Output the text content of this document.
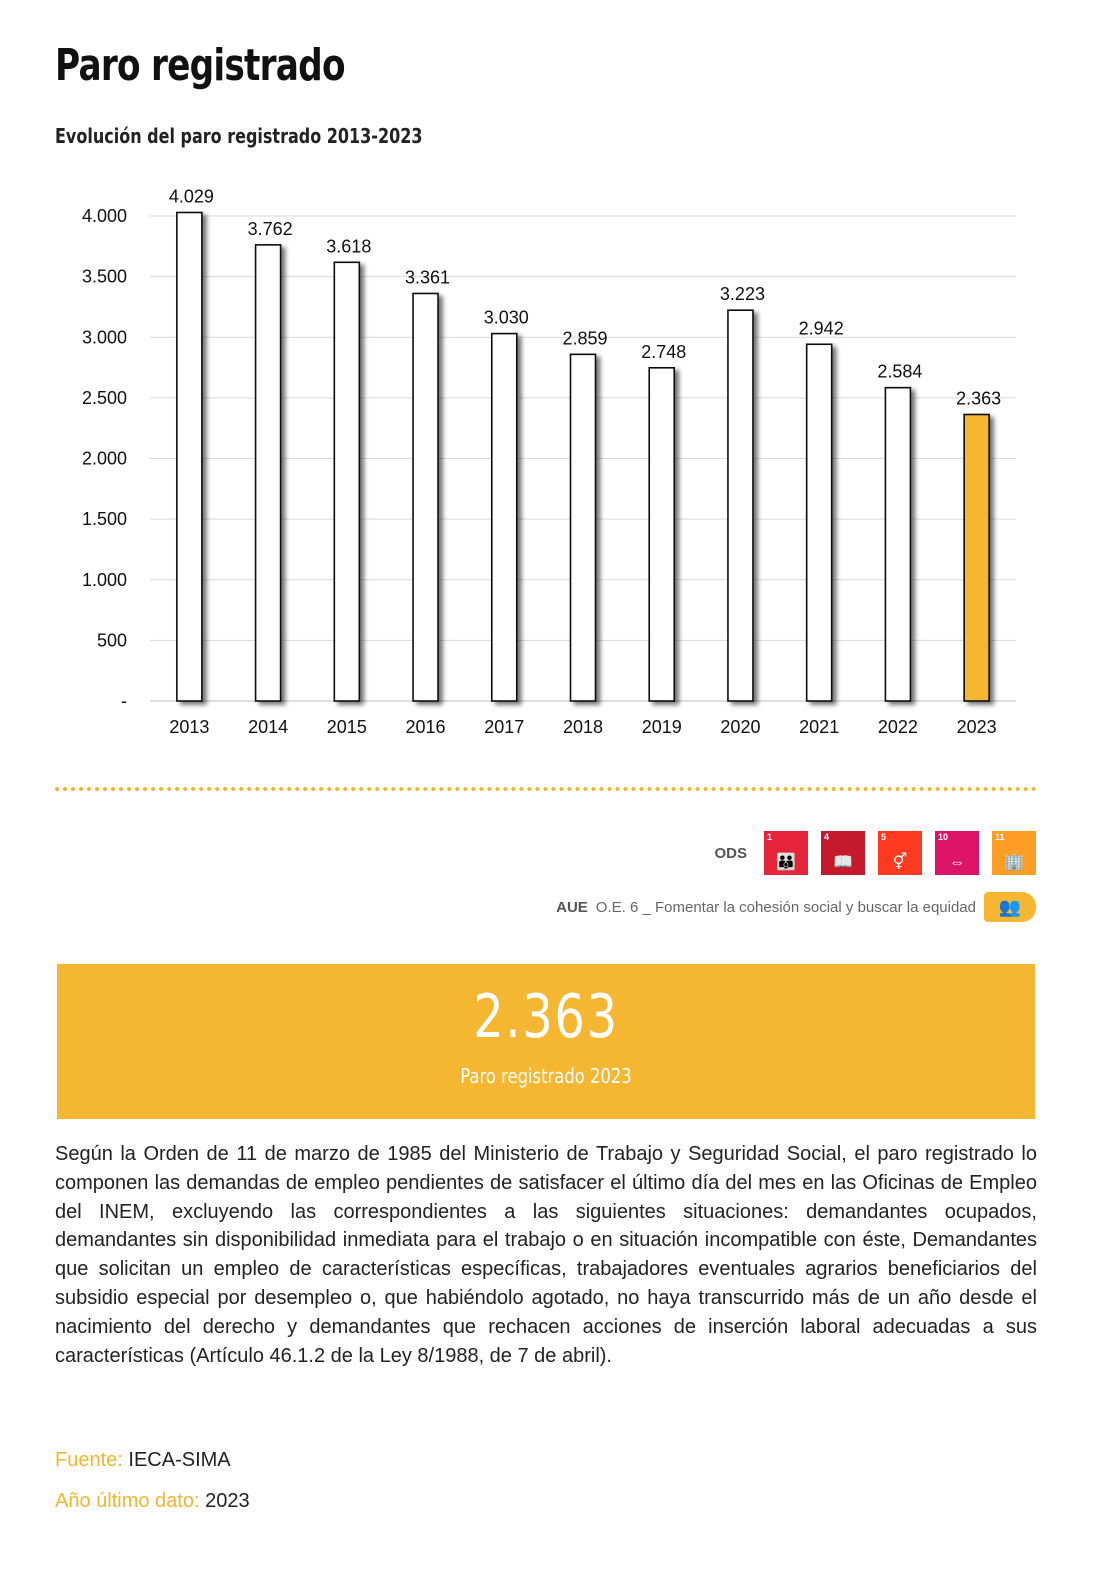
Paro registrado
Evolución del paro registrado 2013-2023
-
500
1.000
1.500
2.000
2.500
3.000
3.500
4.000
2013 2014 2015 2016 2017 2018 2019 2020 2021 2022 2023
4.029
3.762
3.618
3.361
3.030
2.859
2.748
3.223
2.942
2.584
2.363
ODS
1
👪
4
📖
5
⚥
10
⇔
11
🏢
AUE O.E. 6 _ Fomentar la cohesión social y buscar la equidad 👥
2.363
Paro registrado 2023

Según la Orden de 11 de marzo de 1985 del Ministerio de Trabajo y Seguridad Social, el paro registrado lo componen las demandas de empleo pendientes de satisfacer el último día del mes en las Oficinas de Empleo del INEM, excluyendo las correspondientes a las siguientes situaciones: demandantes ocupados, demandantes sin disponibilidad inmediata para el trabajo o en situación incompatible con éste, Demandantes que solicitan un empleo de características específicas, trabajadores eventuales agrarios beneficiarios del subsidio especial por desempleo o, que habiéndolo agotado, no haya transcurrido más de un año desde el nacimiento del derecho y demandantes que rechacen acciones de inserción laboral adecuadas a sus características (Artículo 46.1.2 de la Ley 8/1988, de 7 de abril).

Fuente: IECA-SIMA

Año último dato: 2023
